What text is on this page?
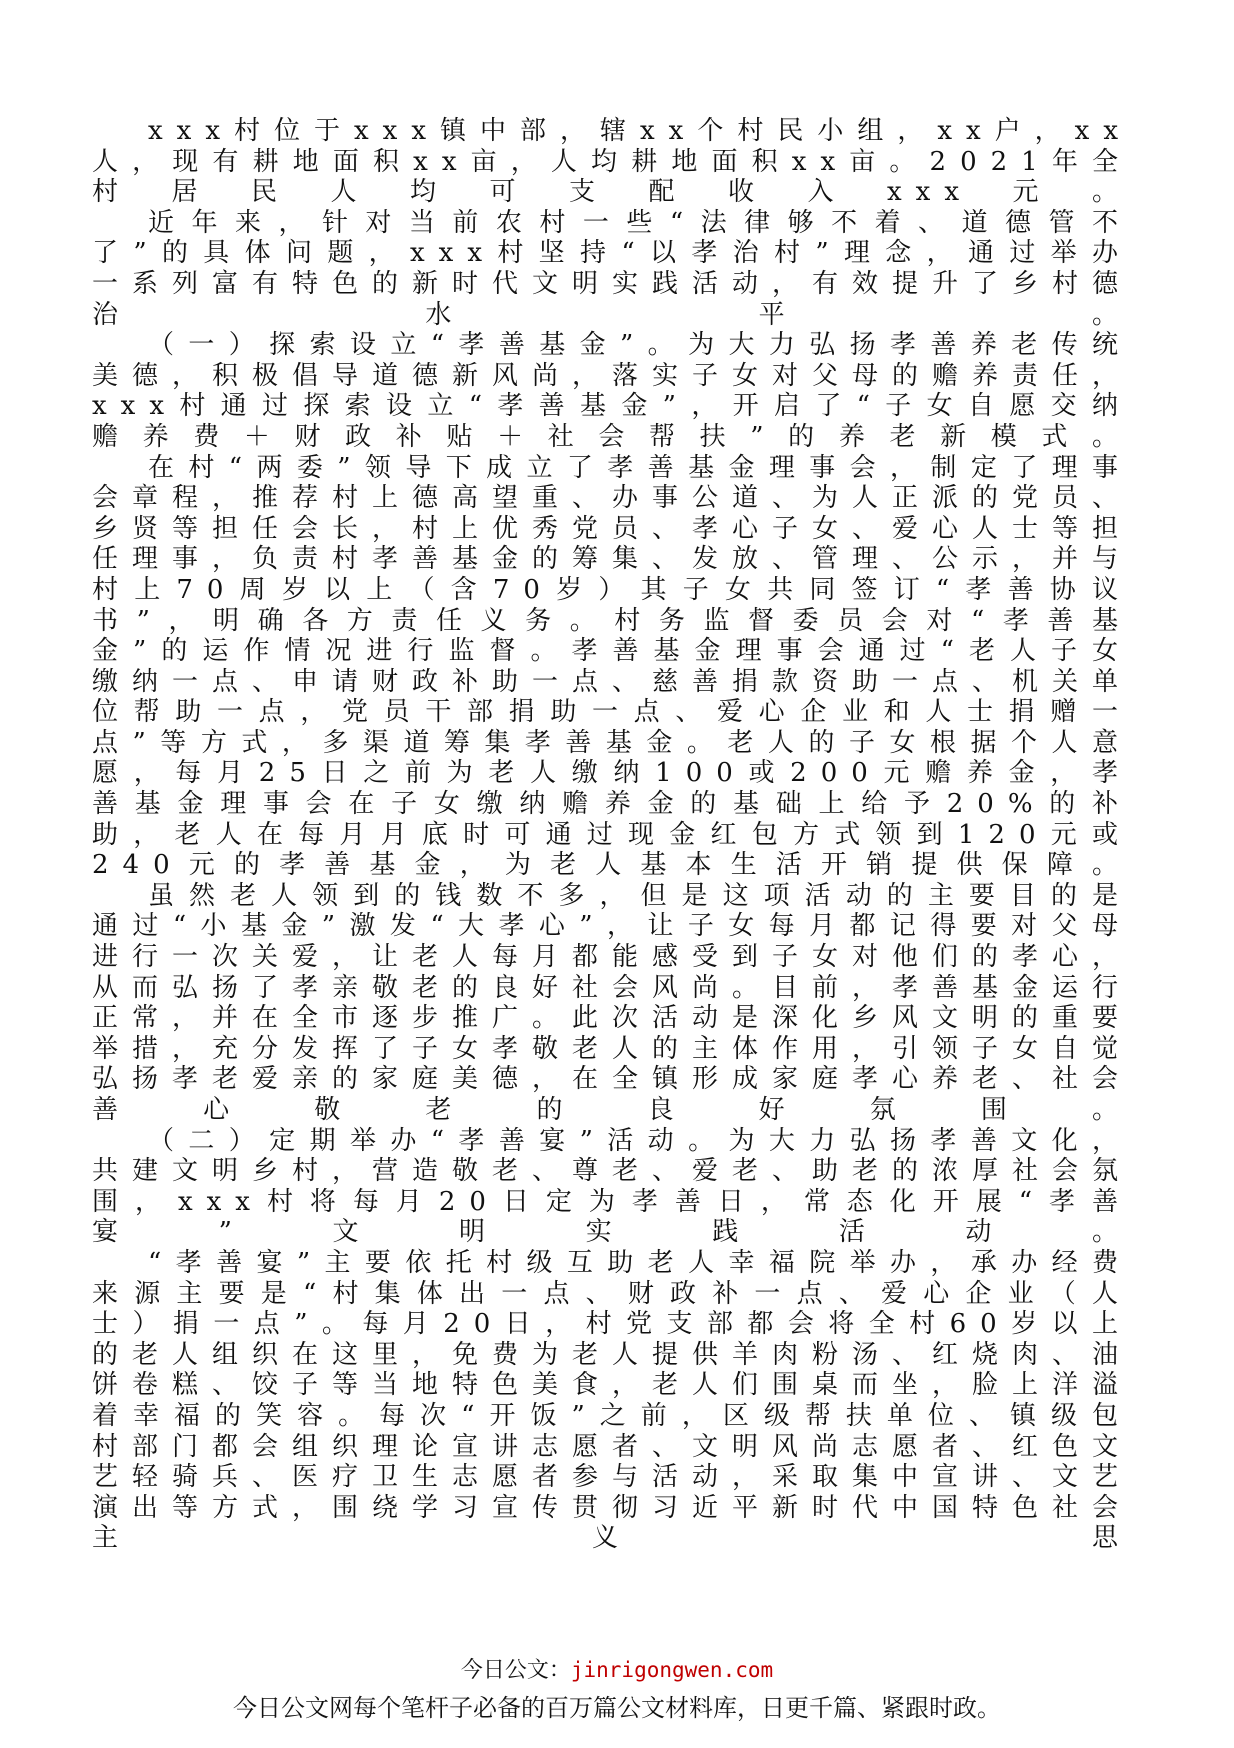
xxx村位于xxx镇中部，辖xx个村民小组，xx户，xx人，现有耕地面积xx亩，人均耕地面积xx亩。2021年全村居民人均可支配收入xxx元。

近年来，针对当前农村一些“法律够不着、道德管不了”的具体问题，xxx村坚持“以孝治村”理念，通过举办一系列富有特色的新时代文明实践活动，有效提升了乡村德治水平。

（一）探索设立“孝善基金”。为大力弘扬孝善养老传统美德，积极倡导道德新风尚，落实子女对父母的赡养责任，xxx村通过探索设立“孝善基金”，开启了“子女自愿交纳赡养费＋财政补贴＋社会帮扶”的养老新模式。

在村“两委”领导下成立了孝善基金理事会，制定了理事会章程，推荐村上德高望重、办事公道、为人正派的党员、乡贤等担任会长，村上优秀党员、孝心子女、爱心人士等担任理事，负责村孝善基金的筹集、发放、管理、公示，并与村上70周岁以上（含70岁）其子女共同签订“孝善协议书”，明确各方责任义务。村务监督委员会对“孝善基金”的运作情况进行监督。孝善基金理事会通过“老人子女缴纳一点、申请财政补助一点、慈善捐款资助一点、机关单位帮助一点，党员干部捐助一点、爱心企业和人士捐赠一点”等方式，多渠道筹集孝善基金。老人的子女根据个人意愿，每月25日之前为老人缴纳100或200元赡养金，孝善基金理事会在子女缴纳赡养金的基础上给予20%的补助，老人在每月月底时可通过现金红包方式领到120元或240元的孝善基金，为老人基本生活开销提供保障。

虽然老人领到的钱数不多，但是这项活动的主要目的是通过“小基金”激发“大孝心”，让子女每月都记得要对父母进行一次关爱，让老人每月都能感受到子女对他们的孝心，从而弘扬了孝亲敬老的良好社会风尚。目前，孝善基金运行正常，并在全市逐步推广。此次活动是深化乡风文明的重要举措，充分发挥了子女孝敬老人的主体作用，引领子女自觉弘扬孝老爱亲的家庭美德，在全镇形成家庭孝心养老、社会善心敬老的良好氛围。

（二）定期举办“孝善宴”活动。为大力弘扬孝善文化，共建文明乡村，营造敬老、尊老、爱老、助老的浓厚社会氛围，xxx村将每月20日定为孝善日，常态化开展“孝善宴”文明实践活动。

“孝善宴”主要依托村级互助老人幸福院举办，承办经费来源主要是“村集体出一点、财政补一点、爱心企业（人士）捐一点”。每月20日，村党支部都会将全村60岁以上的老人组织在这里，免费为老人提供羊肉粉汤、红烧肉、油饼卷糕、饺子等当地特色美食，老人们围桌而坐，脸上洋溢着幸福的笑容。每次“开饭”之前，区级帮扶单位、镇级包村部门都会组织理论宣讲志愿者、文明风尚志愿者、红色文艺轻骑兵、医疗卫生志愿者参与活动，采取集中宣讲、文艺演出等方式，围绕学习宣传贯彻习近平新时代中国特色社会主义思

今日公文：jinrigongwen.com
今日公文网每个笔杆子必备的百万篇公文材料库，日更千篇、紧跟时政。
